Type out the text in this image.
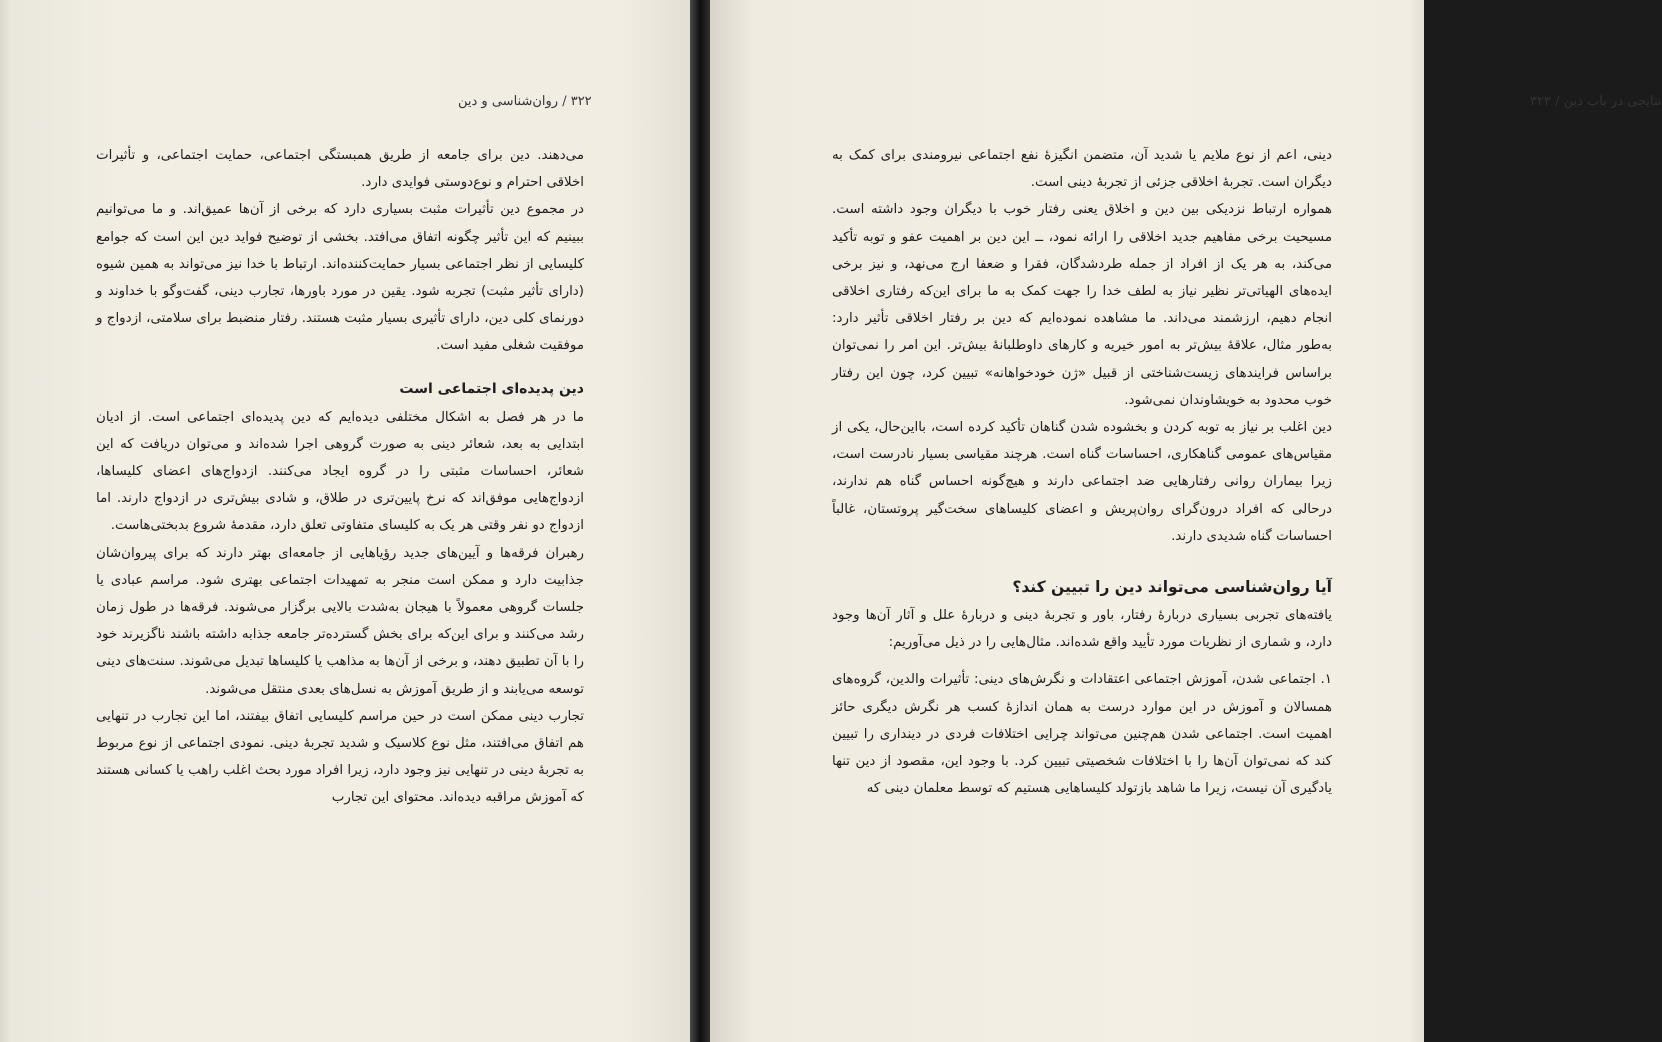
۳۲۲ / روان‌شناسی و دین

می‌دهند. دین برای جامعه از طریق همبستگی اجتماعی، حمایت اجتماعی، و تأثیرات اخلاقی احترام و نوع‌دوستی فوایدی دارد.

در مجموع دین تأثیرات مثبت بسیاری دارد که برخی از آن‌ها عمیق‌اند. و ما می‌توانیم ببینیم که این تأثیر چگونه اتفاق می‌افتد. بخشی از توضیح فواید دین این است که جوامع کلیسایی از نظر اجتماعی بسیار حمایت‌کننده‌اند. ارتباط با خدا نیز می‌تواند به همین شیوه (دارای تأثیر مثبت) تجربه شود. یقین در مورد باورها، تجارب دینی، گفت‌وگو با خداوند و دورنمای کلی دین، دارای تأثیری بسیار مثبت هستند. رفتار منضبط برای سلامتی، ازدواج و موفقیت شغلی مفید است.

دین پدیده‌ای اجتماعی است

ما در هر فصل به اشکال مختلفی دیده‌ایم که دین پدیده‌ای اجتماعی است. از ادیان ابتدایی به بعد، شعائر دینی به صورت گروهی اجرا شده‌اند و می‌توان دریافت که این شعائر، احساسات مثبتی را در گروه ایجاد می‌کنند. ازدواج‌های اعضای کلیساها، ازدواج‌هایی موفق‌اند که نرخ پایین‌تری در طلاق، و شادی بیش‌تری در ازدواج دارند. اما ازدواج دو نفر وقتی هر یک به کلیسای متفاوتی تعلق دارد، مقدمهٔ شروع بدبختی‌هاست.

رهبران فرقه‌ها و آیین‌های جدید رؤیاهایی از جامعه‌ای بهتر دارند که برای پیروان‌شان جذابیت دارد و ممکن است منجر به تمهیدات اجتماعی بهتری شود. مراسم عبادی یا جلسات گروهی معمولاً با هیجان به‌شدت بالایی برگزار می‌شوند. فرقه‌ها در طول زمان رشد می‌کنند و برای این‌که برای بخش گسترده‌تر جامعه جذابه داشته باشند ناگزیرند خود را با آن تطبیق دهند، و برخی از آن‌ها به مذاهب یا کلیساها تبدیل می‌شوند. سنت‌های دینی توسعه می‌یابند و از طریق آموزش به نسل‌های بعدی منتقل می‌شوند.

تجارب دینی ممکن است در حین مراسم کلیسایی اتفاق بیفتند، اما این تجارب در تنهایی هم اتفاق می‌افتند، مثل نوع کلاسیک و شدید تجربهٔ دینی. نمودی اجتماعی از نوع مربوط به تجربهٔ دینی در تنهایی نیز وجود دارد، زیرا افراد مورد بحث اغلب راهب یا کسانی هستند که آموزش مراقبه دیده‌اند. محتوای این تجارب

نتایجی در باب دین / ۳۲۳

دینی، اعم از نوع ملایم یا شدید آن، متضمن انگیزهٔ نفع اجتماعی نیرومندی برای کمک به دیگران است. تجربهٔ اخلاقی جزئی از تجربهٔ دینی است.

همواره ارتباط نزدیکی بین دین و اخلاق یعنی رفتار خوب با دیگران وجود داشته است. مسیحیت برخی مفاهیم جدید اخلاقی را ارائه نمود، ــ این دین بر اهمیت عفو و توبه تأکید می‌کند، به هر یک از افراد از جمله طردشدگان، فقرا و ضعفا ارج می‌نهد، و نیز برخی ایده‌های الهیاتی‌تر نظیر نیاز به لطف خدا را جهت کمک به ما برای این‌که رفتاری اخلاقی انجام دهیم، ارزشمند می‌داند. ما مشاهده نموده‌ایم که دین بر رفتار اخلاقی تأثیر دارد: به‌طور مثال، علاقهٔ بیش‌تر به امور خیریه و کارهای داوطلبانهٔ بیش‌تر. این امر را نمی‌توان براساس فرایندهای زیست‌شناختی از قبیل «ژن خودخواهانه» تبیین کرد، چون این رفتار خوب محدود به خویشاوندان نمی‌شود.

دین اغلب بر نیاز به توبه کردن و بخشوده شدن گناهان تأکید کرده است، بااین‌حال، یکی از مقیاس‌های عمومی گناهکاری، احساسات گناه است. هرچند مقیاسی بسیار نادرست است، زیرا بیماران روانی رفتارهایی ضد اجتماعی دارند و هیچ‌گونه احساس گناه هم ندارند، درحالی که افراد درون‌گرای روان‌پریش و اعضای کلیساهای سخت‌گیر پروتستان، غالباً احساسات گناه شدیدی دارند.

آیا روان‌شناسی می‌تواند دین را تبیین کند؟

یافته‌های تجربی بسیاری دربارهٔ رفتار، باور و تجربهٔ دینی و دربارهٔ علل و آثار آن‌ها وجود دارد، و شماری از نظریات مورد تأیید واقع شده‌اند. مثال‌هایی را در ذیل می‌آوریم:

۱. اجتماعی شدن، آموزش اجتماعی اعتقادات و نگرش‌های دینی: تأثیرات والدین، گروه‌های همسالان و آموزش در این موارد درست به همان اندازهٔ کسب هر نگرش دیگری حائز اهمیت است. اجتماعی شدن هم‌چنین می‌تواند چرایی اختلافات فردی در دینداری را تبیین کند که نمی‌توان آن‌ها را با اختلافات شخصیتی تبیین کرد. با وجود این، مقصود از دین تنها یادگیری آن نیست، زیرا ما شاهد بازتولد کلیساهایی هستیم که توسط معلمان دینی که
